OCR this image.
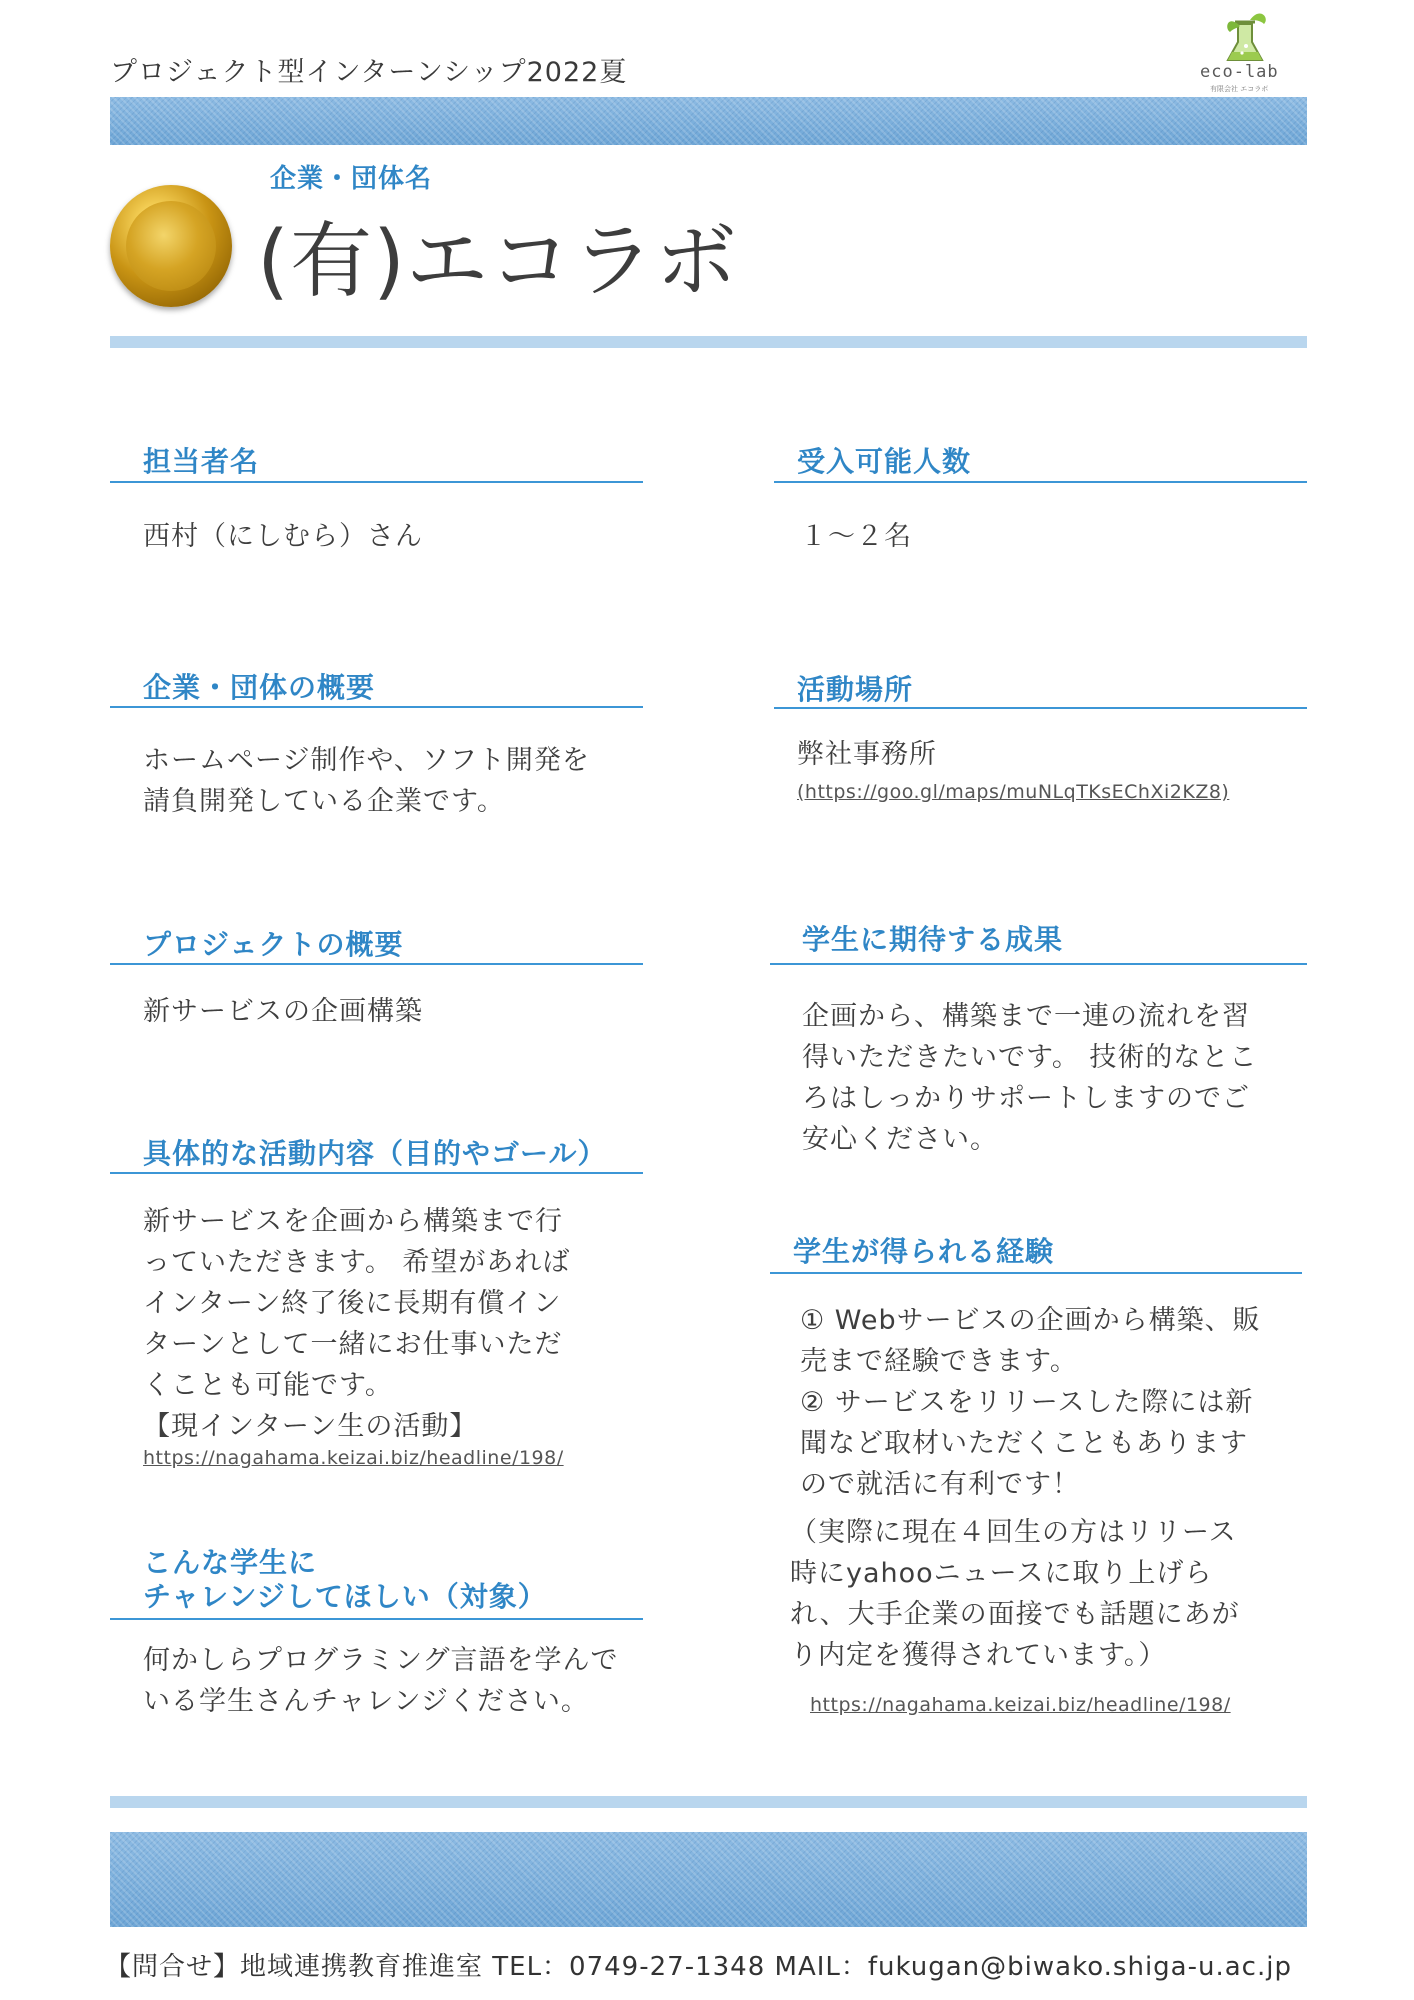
プロジェクト型インターンシップ2022夏	eco-lab
有限会社 エコラボ
企業・団体名
(有)エコラボ
担当者名
西村（にしむら）さん
企業・団体の概要
ホームページ制作や、ソフト開発を
請負開発している企業です。
プロジェクトの概要
新サービスの企画構築
具体的な活動内容（目的やゴール）
新サービスを企画から構築まで行
っていただきます。 希望があれば
インターン終了後に長期有償イン
ターンとして一緒にお仕事いただ
くことも可能です。
【現インターン生の活動】
https://nagahama.keizai.biz/headline/198/
こんな学生に
チャレンジしてほしい（対象）
何かしらプログラミング言語を学んで
いる学生さんチャレンジください。
受入可能人数
１～２名
活動場所
弊社事務所
(https://goo.gl/maps/muNLqTKsEChXi2KZ8)
学生に期待する成果
企画から、構築まで一連の流れを習
得いただきたいです。 技術的なとこ
ろはしっかりサポートしますのでご
安心ください。
学生が得られる経験
① Webサービスの企画から構築、販
売まで経験できます。
② サービスをリリースした際には新
聞など取材いただくこともあります
ので就活に有利です！
（実際に現在４回生の方はリリース
時にyahooニュースに取り上げら
れ、大手企業の面接でも話題にあが
り内定を獲得されています。）
https://nagahama.keizai.biz/headline/198/
【問合せ】地域連携教育推進室 TEL：0749-27-1348 MAIL：fukugan@biwako.shiga-u.ac.jp
